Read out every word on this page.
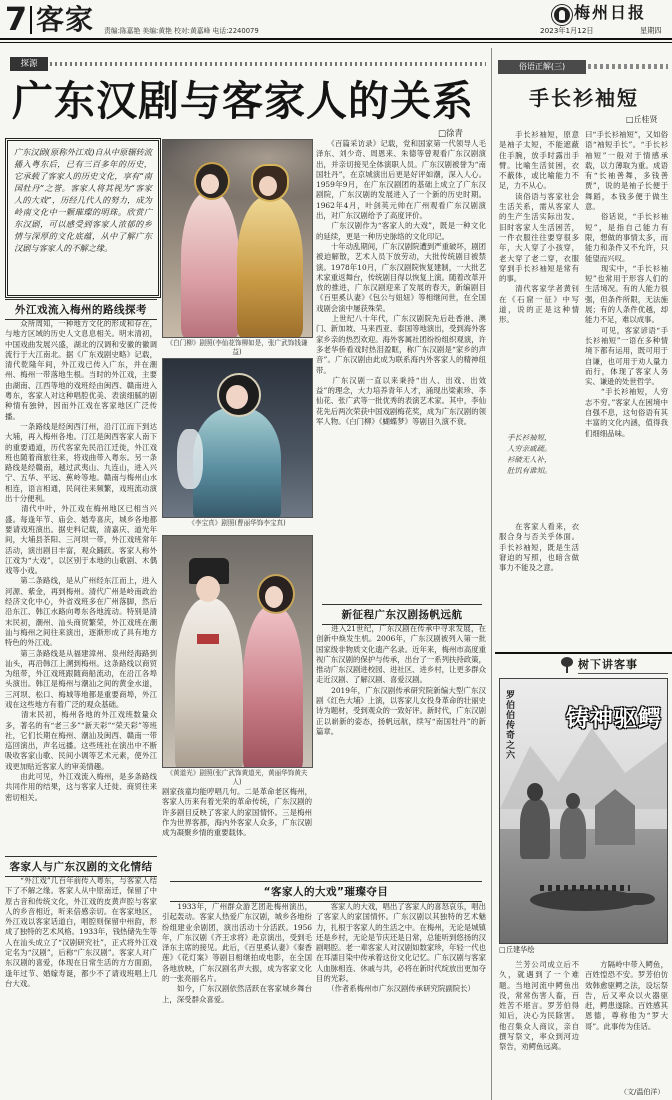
7 客家 责编:陈嘉艳 美编:黄艳 校对:黄嘉峰 电话:2240079
梅州日报
2023年1月12日	星期四
探源
广东汉剧与客家人的关系
□徐青
广东汉剧(原称外江戏)自从中原辗转流播入粤东后，已有三百多年的历史，它承载了客家人的历史文化，享有“南国牡丹”之誉。客家人将其视为“客家人的大戏”，历经几代人的努力，成为岭南文化中一颗璀璨的明珠。欣赏广东汉剧，可以感受到客家人浓郁的乡情与深厚的文化底蕴，从中了解广东汉剧与客家人的不解之缘。
外江戏流入梅州的路线探考
　　众所周知，一种地方文化的形成和存在，与地方区域的历史人文息息相关。明末清初，中国戏曲发展兴盛，湖北的汉调和安徽的徽调流行于大江南北。据《广东戏剧史略》记载，清代乾隆年间，外江戏已传入广东，并在潮州、梅州一带落地生根。当时的外江戏，主要由湖南、江西等地的戏班经由闽西、赣南进入粤东，客家人对这种唱腔优美、表演细腻的剧种情有独钟，因而外江戏在客家地区广泛传播。
　　一条路线是经闽西汀州，沿汀江而下到达大埔，再入梅州各地。汀江是闽西客家人南下的重要通道，历代客家先民沿江迁徙，外江戏班也随着商旅往来，将戏曲带入粤东。另一条路线是经赣南，越过武夷山、九连山，进入兴宁、五华、平远、蕉岭等地。赣南与梅州山水相连，语言相通，民间往来频繁，戏班流动演出十分便利。
　　清代中叶，外江戏在梅州地区已相当兴盛。每逢年节、庙会、婚寿喜庆，城乡各地都要请戏班演出。据史料记载，清嘉庆、道光年间，大埔县茶阳、三河坝一带，外江戏班常年活动，演出剧目丰富，观众踊跃。客家人称外江戏为“大戏”，以区别于本地的山歌剧、木偶戏等小戏。
　　第二条路线，是从广州经东江而上，进入河源、紫金，再到梅州。清代广州是岭南政治经济文化中心，外省戏班多在广州落脚，然后沿东江、韩江水路向粤东各地流动。特别是清末民初，潮州、汕头商贸繁荣，外江戏班在潮汕与梅州之间往来演出，逐渐形成了具有地方特色的外江戏。
　　第三条路线是从福建漳州、泉州经海路到汕头，再沿韩江上溯到梅州。这条路线以商贸为纽带，外江戏班跟随商船流动，在沿江各埠头演出。韩江是梅州与潮汕之间的黄金水道，三河坝、松口、梅城等地都是重要商埠，外江戏在这些地方有着广泛的观众基础。
　　清末民初，梅州各地的外江戏班数量众多，著名的有“老三多”“新天彩”“荣天彩”等班社，它们长期在梅州、潮汕及闽西、赣南一带巡回演出，声名远播。这些班社在演出中不断吸收客家山歌、民间小调等艺术元素，使外江戏更加贴近客家人的审美情趣。
　　由此可见，外江戏流入梅州，是多条路线共同作用的结果，这与客家人迁徙、商贸往来密切相关。
客家人与广东汉剧的文化情结
　　“外江戏”几百年前传入粤东，与客家人结下了不解之缘。客家人从中原南迁，保留了中原古音和传统文化，外江戏的皮黄声腔与客家人的乡音相近，听来倍感亲切。在客家地区，外江戏以客家话道白，唱腔则保留中州韵，形成了独特的艺术风格。1933年，钱热储先生等人在汕头成立了“汉剧研究社”，正式将外江戏定名为“汉剧”，后称“广东汉剧”。客家人对广东汉剧的喜爱，体现在日常生活的方方面面，逢年过节、婚嫁寿诞，都少不了请戏班唱上几台大戏。
《白门柳》剧照(李仙花饰柳如是，张广武饰钱谦益)
《李宝真》剧照(曹丽华饰李宝真)
《黄道光》剧照(张广武饰黄道光，黄丽华饰黄夫人)
　　《百篇采访录》记载，党和国家第一代领导人毛泽东、刘少奇、周恩来、朱德等曾观看广东汉剧演出，并亲切接见全体演职人员。广东汉剧被誉为“南国牡丹”，在京城演出后更是好评如潮，深入人心。1959年9月，在广东汉剧团的基础上成立了广东汉剧院，广东汉剧的发展进入了一个新的历史时期。1962年4月，叶剑英元帅在广州观看广东汉剧演出，对广东汉剧给予了高度评价。
　　广东汉剧作为“客家人的大戏”，既是一种文化的延续，更是一种历史脉络的文化印记。
　　十年动乱期间，广东汉剧院遭到严重破坏，剧团被迫解散，艺术人员下放劳动，大批传统剧目被禁演。1978年10月，广东汉剧院恢复建制，一大批艺术家重返舞台，传统剧目得以恢复上演。随着改革开放的推进，广东汉剧迎来了发展的春天，新编剧目《百里奚认妻》《包公与妞妞》等相继问世，在全国戏剧会演中屡获殊荣。
　　上世纪八十年代，广东汉剧院先后赴香港、澳门、新加坡、马来西亚、泰国等地演出，受到海外客家乡亲的热烈欢迎。海外客属社团纷纷组织观演，许多老华侨看戏时热泪盈眶，称广东汉剧是“家乡的声音”。广东汉剧由此成为联系海内外客家人的精神纽带。
　　广东汉剧一直以来秉持“出人、出戏、出效益”的理念，大力培养青年人才，涌现出梁素珍、李仙花、张广武等一批优秀的表演艺术家。其中，李仙花先后两次荣获中国戏剧梅花奖，成为广东汉剧的领军人物。《白门柳》《蝴蝶梦》等剧目久演不衰。
新征程广东汉剧扬帆远航
　　进入21世纪，广东汉剧在传承中寻求发展，在创新中焕发生机。2006年，广东汉剧被列入第一批国家级非物质文化遗产名录。近年来，梅州市高度重视广东汉剧的保护与传承，出台了一系列扶持政策，推动广东汉剧进校园、进社区、进乡村，让更多群众走近汉剧、了解汉剧、喜爱汉剧。
　　2019年，广东汉剧传承研究院新编大型广东汉剧《红色大埔》上演，以客家儿女投身革命的壮丽史诗为题材，受到观众的一致好评。新时代，广东汉剧正以崭新的姿态，扬帆远航，续写“南国牡丹”的新篇章。
剧家孩童均能哼唱几句。二是革命老区梅州，客家人历来有着光荣的革命传统，广东汉剧的许多剧目反映了客家人的家国情怀。三是梅州作为世界客都，海内外客家人众多，广东汉剧成为凝聚乡情的重要载体。
“客家人的大戏”璀璨夺目
　　1933年，广州群众游艺团赴梅州演出，引起轰动。客家人热爱广东汉剧，城乡各地纷纷组建业余剧团，演出活动十分活跃。1956年，广东汉剧《齐王求将》赴京演出，受到毛泽东主席的接见。此后，《百里奚认妻》《秦香莲》《花灯案》等剧目相继拍成电影，在全国各地放映，广东汉剧名声大振，成为客家文化的一张亮丽名片。
　　如今，广东汉剧依然活跃在客家城乡舞台上，深受群众喜爱。
　　客家人的大戏，唱出了客家人的喜怒哀乐，唱出了客家人的家国情怀。广东汉剧以其独特的艺术魅力，扎根于客家人的生活之中。在梅州，无论是城镇还是乡村，无论是节庆还是日常，总能听到悠扬的汉剧唱腔。老一辈客家人对汉剧如数家珍，年轻一代也在耳濡目染中传承着这份文化记忆。广东汉剧与客家人血脉相连、休戚与共，必将在新时代绽放出更加夺目的光彩。
　　（作者系梅州市广东汉剧传承研究院副院长）
俗语正解(三)
手长衫袖短
□丘桂贤
　　手长衫袖短，原意是袖子太短，不能遮蔽住手腕，放手时露出手臂。比喻生活贫困，衣不蔽体，或比喻能力不足，力不从心。
　　读俗语与客家社会生活关系，需从客家人的生产生活实际出发。旧时客家人生活困苦，一件衣服往往要穿很多年，大人穿了小孩穿，老大穿了老二穿，衣服穿到手长衫袖短是常有的事。
　　清代客家学者黄钊在《石窟一征》中写道，说的正是这种情形。
手长衫袖短，
人穷亲戚疏。
衫破无人补，
肚饥有谁知。
　　在客家人看来，衣服合身与否关乎体面。手长衫袖短，既是生活窘迫的写照，也暗含做事力不能及之意。
曰“手长衫袖短”，又如俗语“袖短手长”。“手长衫袖短”一般对于情感承载，以力薄取为重。成语有“长袖善舞，多钱善贾”，说的是袖子长便于舞蹈，本钱多便于做生意。
　　俗话说，“手长衫袖短”，是指自己能力有限，想做的事情太多，而能力和条件又不允许，只能望而兴叹。
　　现实中，“手长衫袖短”也常用于形容人们的生活境况。有的人能力很强，但条件所限，无法施展；有的人条件优越，却能力不足，难以成事。
　　可见，客家谚语“手长衫袖短”一语在多种情境下都有运用，既可用于自谦，也可用于劝人量力而行，体现了客家人务实、谦逊的处世哲学。
　　“手长衫袖短，人穷志不穷。”客家人在困境中自强不息，这句俗语有其丰富的文化内涵，值得我们细细品味。
树下讲客事
罗伯伯传奇之六 铸神驱鳄
□丘建华绘
　　兰芳公司成立后不久，就遇到了一个难题。当地河流中鳄鱼出没，常常伤害人畜，百姓苦不堪言。罗芳伯得知后，决心为民除害。他召集众人商议，亲自撰写祭文，率众到河边祭告，劝鳄鱼远离。
　　方隔岭中带入鳄鱼，百姓惶恐不安。罗芳伯仿效韩愈驱鳄之法，设坛祭告，后又率众以火器驱赶，鳄患遂除。百姓感其恩德，尊称他为“罗大哥”。此事传为佳话。
（文/温伯洋）
